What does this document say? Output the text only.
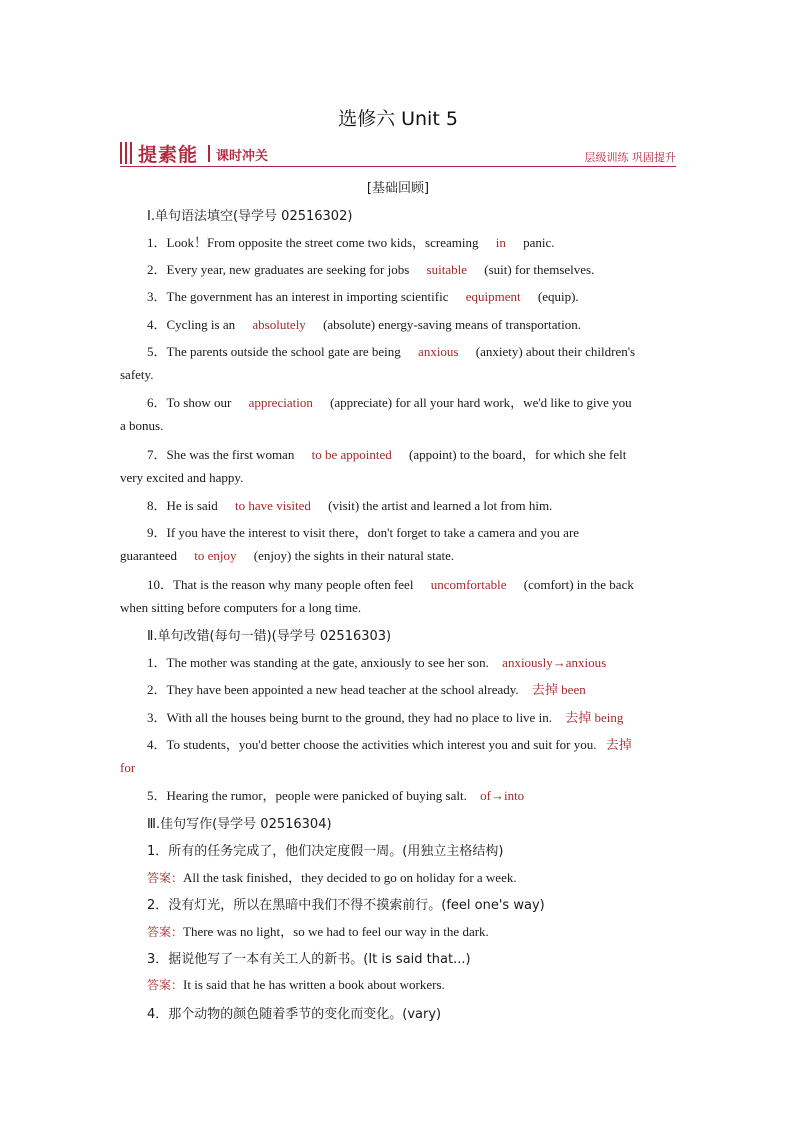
选修六 Unit 5
提素能 课时冲关	层级训练 巩固提升
[基础回顾]
Ⅰ.单句语法填空(导学号 02516302)
1．Look！From opposite the street come two kids，screaming in panic.
2．Every year, new graduates are seeking for jobs suitable (suit) for themselves.
3．The government has an interest in importing scientific equipment (equip).
4．Cycling is an absolutely (absolute) energy-saving means of transportation.
5．The parents outside the school gate are being anxious (anxiety) about their children's
safety.
6．To show our appreciation (appreciate) for all your hard work，we'd like to give you
a bonus.
7．She was the first woman to be appointed (appoint) to the board，for which she felt
very excited and happy.
8．He is said to have visited (visit) the artist and learned a lot from him.
9．If you have the interest to visit there，don't forget to take a camera and you are
guaranteed to enjoy (enjoy) the sights in their natural state.
10．That is the reason why many people often feel uncomfortable (comfort) in the back
when sitting before computers for a long time.
Ⅱ.单句改错(每句一错)(导学号 02516303)
1．The mother was standing at the gate, anxiously to see her son. anxiously→anxious
2．They have been appointed a new head teacher at the school already. 去掉 been
3．With all the houses being burnt to the ground, they had no place to live in. 去掉 being
4．To students，you'd better choose the activities which interest you and suit for you. 去掉
for
5．Hearing the rumor，people were panicked of buying salt. of→into
Ⅲ.佳句写作(导学号 02516304)
1．所有的任务完成了，他们决定度假一周。(用独立主格结构)
答案：All the task finished，they decided to go on holiday for a week.
2．没有灯光，所以在黑暗中我们不得不摸索前行。(feel one's way)
答案：There was no light，so we had to feel our way in the dark.
3．据说他写了一本有关工人的新书。(It is said that...)
答案：It is said that he has written a book about workers.
4．那个动物的颜色随着季节的变化而变化。(vary)
